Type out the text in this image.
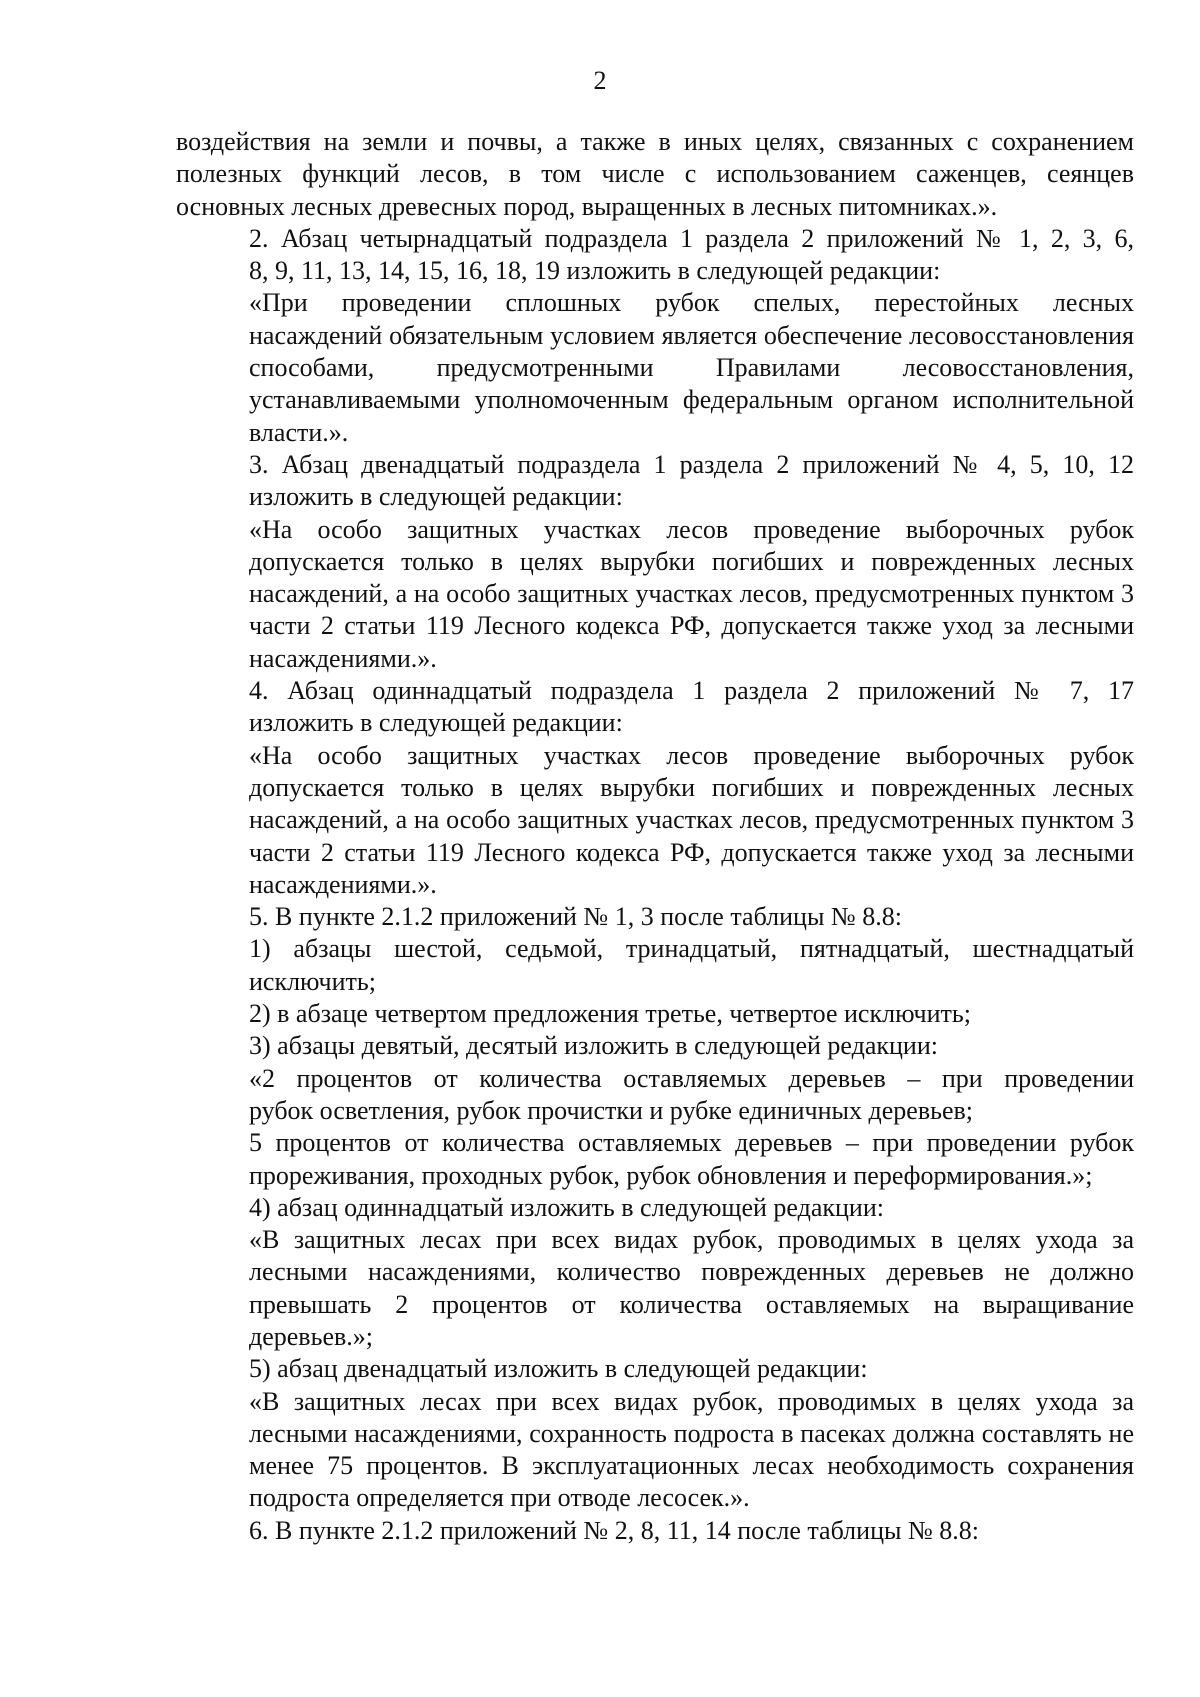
2
воздействия на земли и почвы, а также в иных целях, связанных с сохранением
полезных функций лесов, в том числе с использованием саженцев, сеянцев
основных лесных древесных пород, выращенных в лесных питомниках.».
2. Абзац четырнадцатый подраздела 1 раздела 2 приложений № 1, 2, 3, 6,
8, 9, 11, 13, 14, 15, 16, 18, 19 изложить в следующей редакции:
«При проведении сплошных рубок спелых, перестойных лесных
насаждений обязательным условием является обеспечение лесовосстановления
способами, предусмотренными Правилами лесовосстановления,
устанавливаемыми уполномоченным федеральным органом исполнительной
власти.».
3. Абзац двенадцатый подраздела 1 раздела 2 приложений № 4, 5, 10, 12
изложить в следующей редакции:
«На особо защитных участках лесов проведение выборочных рубок
допускается только в целях вырубки погибших и поврежденных лесных
насаждений, а на особо защитных участках лесов, предусмотренных пунктом 3
части 2 статьи 119 Лесного кодекса РФ, допускается также уход за лесными
насаждениями.».
4. Абзац одиннадцатый подраздела 1 раздела 2 приложений № 7, 17
изложить в следующей редакции:
«На особо защитных участках лесов проведение выборочных рубок
допускается только в целях вырубки погибших и поврежденных лесных
насаждений, а на особо защитных участках лесов, предусмотренных пунктом 3
части 2 статьи 119 Лесного кодекса РФ, допускается также уход за лесными
насаждениями.».
5. В пункте 2.1.2 приложений № 1, 3 после таблицы № 8.8:
1) абзацы шестой, седьмой, тринадцатый, пятнадцатый, шестнадцатый
исключить;
2) в абзаце четвертом предложения третье, четвертое исключить;
3) абзацы девятый, десятый изложить в следующей редакции:
«2 процентов от количества оставляемых деревьев – при проведении
рубок осветления, рубок прочистки и рубке единичных деревьев;
5 процентов от количества оставляемых деревьев – при проведении рубок
прореживания, проходных рубок, рубок обновления и переформирования.»;
4) абзац одиннадцатый изложить в следующей редакции:
«В защитных лесах при всех видах рубок, проводимых в целях ухода за
лесными насаждениями, количество поврежденных деревьев не должно
превышать 2 процентов от количества оставляемых на выращивание
деревьев.»;
5) абзац двенадцатый изложить в следующей редакции:
«В защитных лесах при всех видах рубок, проводимых в целях ухода за
лесными насаждениями, сохранность подроста в пасеках должна составлять не
менее 75 процентов. В эксплуатационных лесах необходимость сохранения
подроста определяется при отводе лесосек.».
6. В пункте 2.1.2 приложений № 2, 8, 11, 14 после таблицы № 8.8:
